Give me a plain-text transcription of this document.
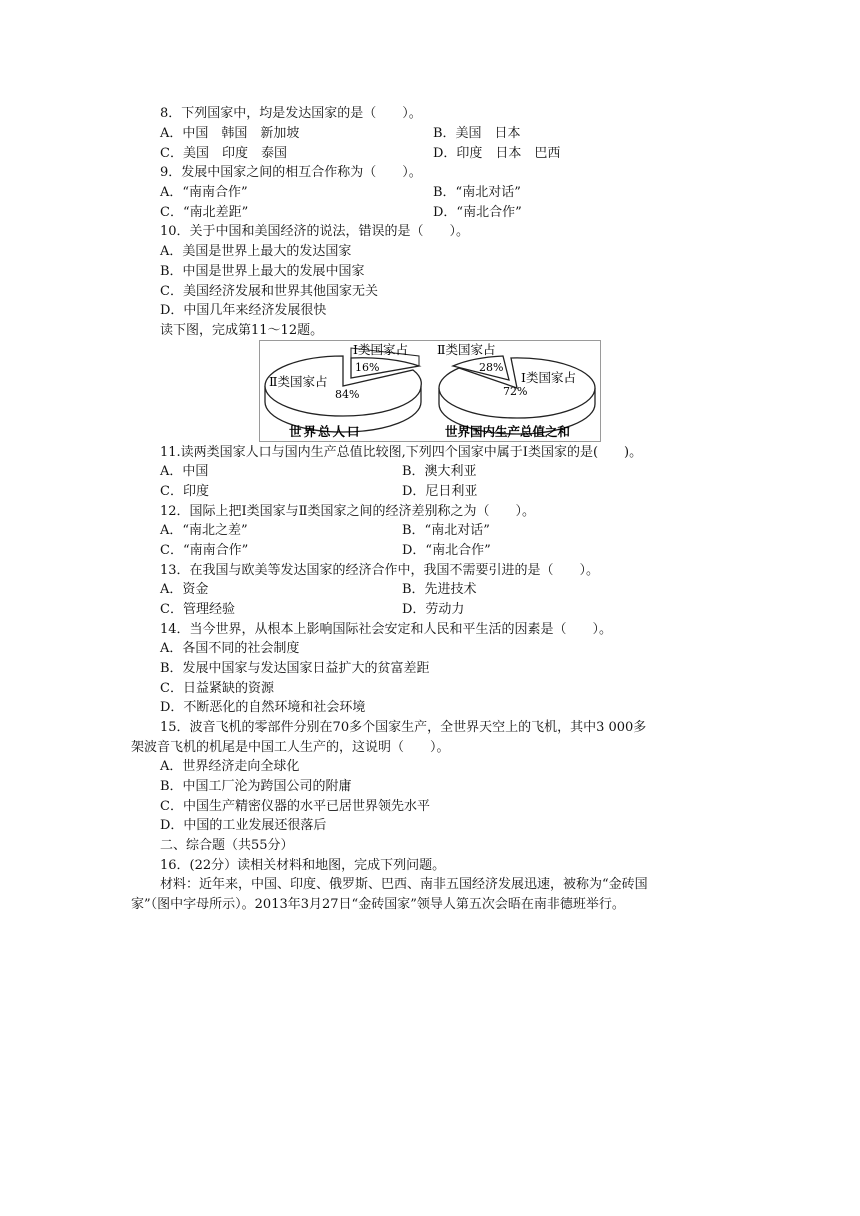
8．下列国家中，均是发达国家的是（　　）。
A．中国　韩国　新加坡	B．美国　日本
C．美国　印度　泰国	D．印度　日本　巴西
9．发展中国家之间的相互合作称为（　　）。
A．“南南合作”	B．“南北对话”
C．“南北差距”	D．“南北合作”
10．关于中国和美国经济的说法，错误的是（　　）。
A．美国是世界上最大的发达国家
B．中国是世界上最大的发展中国家
C．美国经济发展和世界其他国家无关
D．中国几年来经济发展很快
读下图，完成第11～12题。
Ⅰ类国家占
16%
Ⅱ类国家占
84%
世界总人口
Ⅱ类国家占
28%
Ⅰ类国家占
72%
世界国内生产总值之和
11.读两类国家人口与国内生产总值比较图,下列四个国家中属于Ⅰ类国家的是(　　)。
A．中国	B．澳大利亚
C．印度	D．尼日利亚
12．国际上把Ⅰ类国家与Ⅱ类国家之间的经济差别称之为（　　）。
A．“南北之差”	B．“南北对话”
C．“南南合作”	D．“南北合作”
13．在我国与欧美等发达国家的经济合作中，我国不需要引进的是（　　）。
A．资金	B．先进技术
C．管理经验	D．劳动力
14．当今世界，从根本上影响国际社会安定和人民和平生活的因素是（　　）。
A．各国不同的社会制度
B．发展中国家与发达国家日益扩大的贫富差距
C．日益紧缺的资源
D．不断恶化的自然环境和社会环境
15．波音飞机的零部件分别在70多个国家生产，全世界天空上的飞机，其中3 000多
架波音飞机的机尾是中国工人生产的，这说明（　　）。
A．世界经济走向全球化
B．中国工厂沦为跨国公司的附庸
C．中国生产精密仪器的水平已居世界领先水平
D．中国的工业发展还很落后
二、综合题（共55分）
16．(22分）读相关材料和地图，完成下列问题。
材料：近年来，中国、印度、俄罗斯、巴西、南非五国经济发展迅速，被称为“金砖国
家”（图中字母所示）。2013年3月27日“金砖国家”领导人第五次会晤在南非德班举行。
